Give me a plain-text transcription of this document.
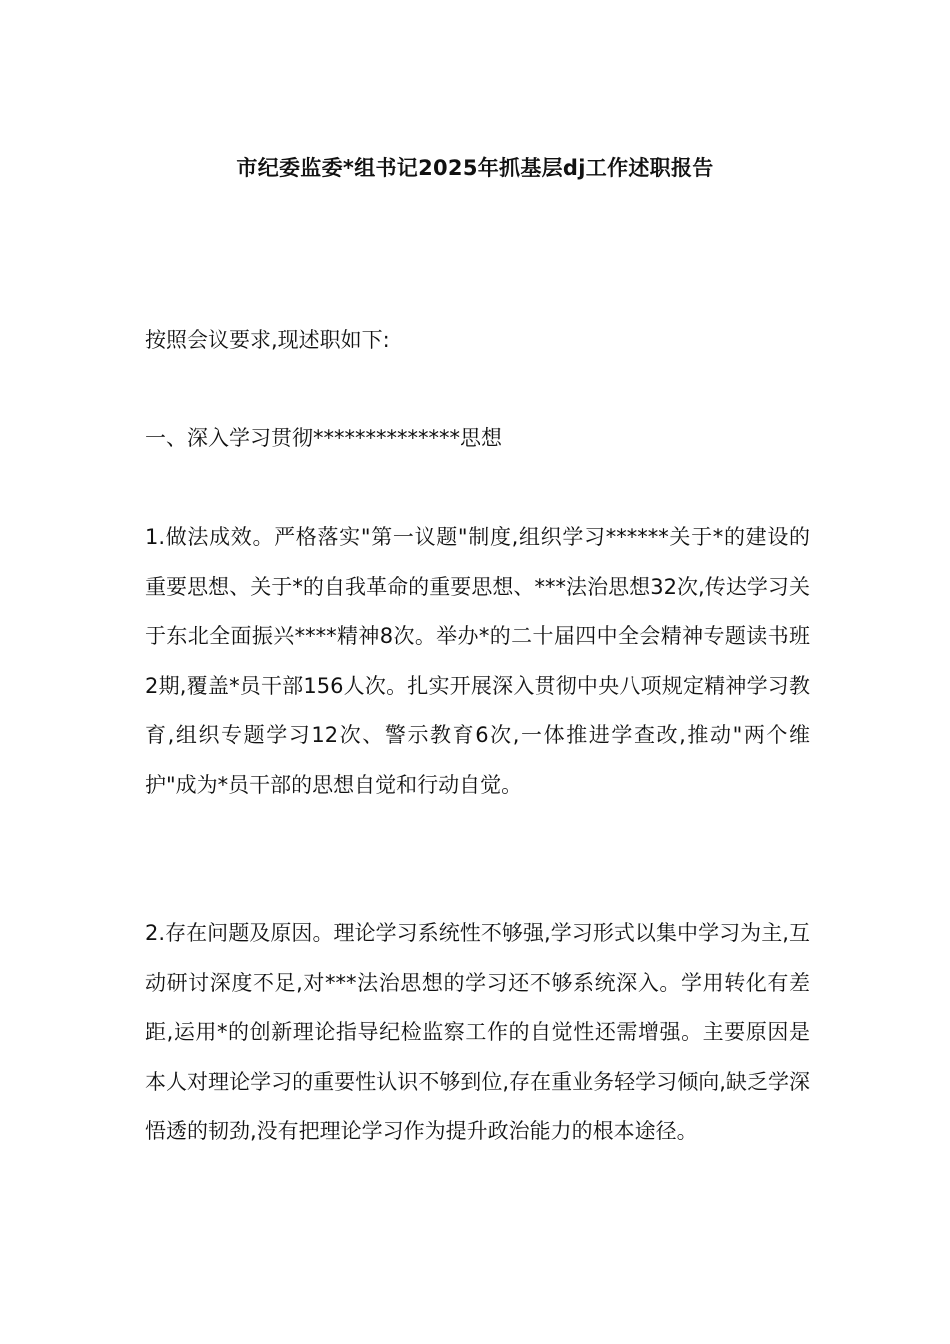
市纪委监委*组书记2025年抓基层dj工作述职报告

按照会议要求,现述职如下:

一、深入学习贯彻**************思想

1.做法成效。严格落实"第一议题"制度,组织学习******关于*的建设的重要思想、关于*的自我革命的重要思想、***法治思想32次,传达学习关于东北全面振兴****精神8次。举办*的二十届四中全会精神专题读书班2期,覆盖*员干部156人次。扎实开展深入贯彻中央八项规定精神学习教育,组织专题学习12次、警示教育6次,一体推进学查改,推动"两个维护"成为*员干部的思想自觉和行动自觉。

2.存在问题及原因。理论学习系统性不够强,学习形式以集中学习为主,互动研讨深度不足,对***法治思想的学习还不够系统深入。学用转化有差距,运用*的创新理论指导纪检监察工作的自觉性还需增强。主要原因是本人对理论学习的重要性认识不够到位,存在重业务轻学习倾向,缺乏学深悟透的韧劲,没有把理论学习作为提升政治能力的根本途径。
